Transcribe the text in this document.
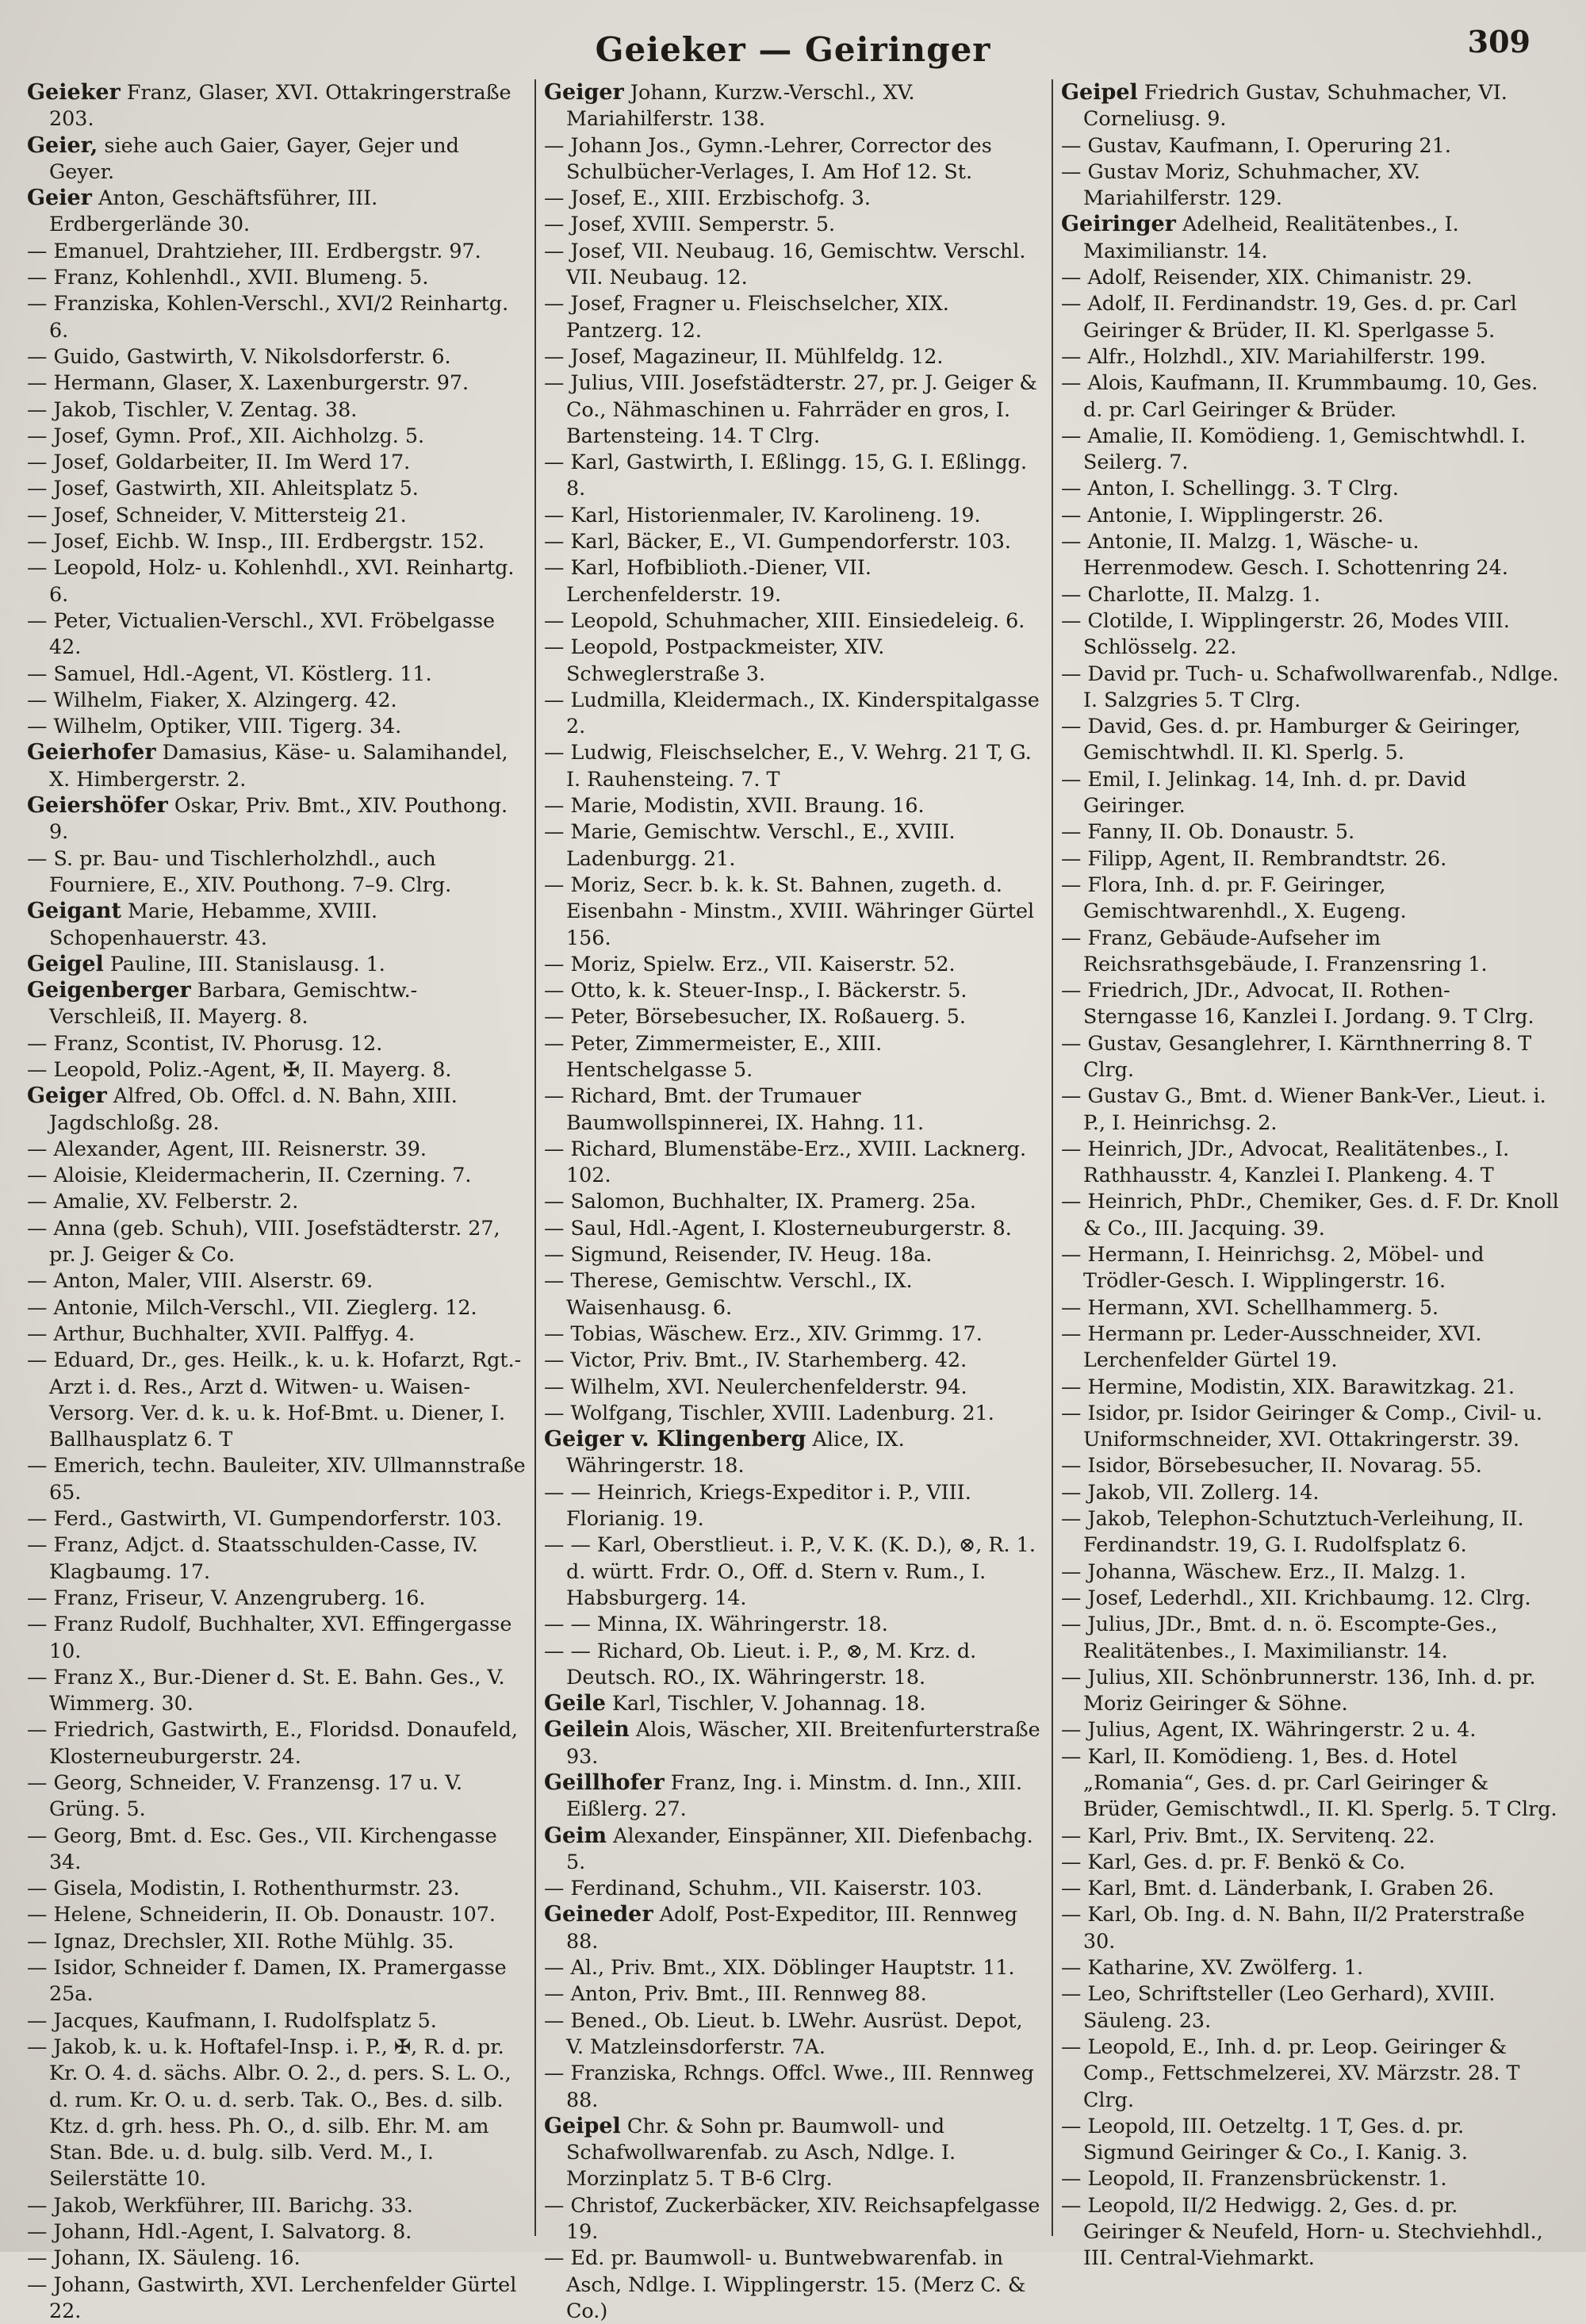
Geieker — Geiringer	309
Geieker Franz, Glaser, XVI. Ottakringerstraße 203.
Geier, siehe auch Gaier, Gayer, Gejer und Geyer.
Geier Anton, Geschäftsführer, III. Erdbergerlände 30.
— Emanuel, Drahtzieher, III. Erdbergstr. 97.
— Franz, Kohlenhdl., XVII. Blumeng. 5.
— Franziska, Kohlen-Verschl., XVI/2 Reinhartg. 6.
— Guido, Gastwirth, V. Nikolsdorferstr. 6.
— Hermann, Glaser, X. Laxenburgerstr. 97.
— Jakob, Tischler, V. Zentag. 38.
— Josef, Gymn. Prof., XII. Aichholzg. 5.
— Josef, Goldarbeiter, II. Im Werd 17.
— Josef, Gastwirth, XII. Ahleitsplatz 5.
— Josef, Schneider, V. Mittersteig 21.
— Josef, Eichb. W. Insp., III. Erdbergstr. 152.
— Leopold, Holz- u. Kohlenhdl., XVI. Reinhartg. 6.
— Peter, Victualien-Verschl., XVI. Fröbelgasse 42.
— Samuel, Hdl.-Agent, VI. Köstlerg. 11.
— Wilhelm, Fiaker, X. Alzingerg. 42.
— Wilhelm, Optiker, VIII. Tigerg. 34.
Geierhofer Damasius, Käse- u. Salamihandel, X. Himbergerstr. 2.
Geiershöfer Oskar, Priv. Bmt., XIV. Pouthong. 9.
— S. pr. Bau- und Tischlerholzhdl., auch Fourniere, E., XIV. Pouthong. 7–9. Clrg.
Geigant Marie, Hebamme, XVIII. Schopenhauerstr. 43.
Geigel Pauline, III. Stanislausg. 1.
Geigenberger Barbara, Gemischtw.-Verschleiß, II. Mayerg. 8.
— Franz, Scontist, IV. Phorusg. 12.
— Leopold, Poliz.-Agent, ✠, II. Mayerg. 8.
Geiger Alfred, Ob. Offcl. d. N. Bahn, XIII. Jagdschloßg. 28.
— Alexander, Agent, III. Reisnerstr. 39.
— Aloisie, Kleidermacherin, II. Czerning. 7.
— Amalie, XV. Felberstr. 2.
— Anna (geb. Schuh), VIII. Josefstädterstr. 27, pr. J. Geiger & Co.
— Anton, Maler, VIII. Alserstr. 69.
— Antonie, Milch-Verschl., VII. Zieglerg. 12.
— Arthur, Buchhalter, XVII. Palffyg. 4.
— Eduard, Dr., ges. Heilk., k. u. k. Hofarzt, Rgt.-Arzt i. d. Res., Arzt d. Witwen- u. Waisen-Versorg. Ver. d. k. u. k. Hof-Bmt. u. Diener, I. Ballhausplatz 6. T
— Emerich, techn. Bauleiter, XIV. Ullmannstraße 65.
— Ferd., Gastwirth, VI. Gumpendorferstr. 103.
— Franz, Adjct. d. Staatsschulden-Casse, IV. Klagbaumg. 17.
— Franz, Friseur, V. Anzengruberg. 16.
— Franz Rudolf, Buchhalter, XVI. Effingergasse 10.
— Franz X., Bur.-Diener d. St. E. Bahn. Ges., V. Wimmerg. 30.
— Friedrich, Gastwirth, E., Floridsd. Donaufeld, Klosterneuburgerstr. 24.
— Georg, Schneider, V. Franzensg. 17 u. V. Grüng. 5.
— Georg, Bmt. d. Esc. Ges., VII. Kirchengasse 34.
— Gisela, Modistin, I. Rothenthurmstr. 23.
— Helene, Schneiderin, II. Ob. Donaustr. 107.
— Ignaz, Drechsler, XII. Rothe Mühlg. 35.
— Isidor, Schneider f. Damen, IX. Pramergasse 25a.
— Jacques, Kaufmann, I. Rudolfsplatz 5.
— Jakob, k. u. k. Hoftafel-Insp. i. P., ✠, R. d. pr. Kr. O. 4. d. sächs. Albr. O. 2., d. pers. S. L. O., d. rum. Kr. O. u. d. serb. Tak. O., Bes. d. silb. Ktz. d. grh. hess. Ph. O., d. silb. Ehr. M. am Stan. Bde. u. d. bulg. silb. Verd. M., I. Seilerstätte 10.
— Jakob, Werkführer, III. Barichg. 33.
— Johann, Hdl.-Agent, I. Salvatorg. 8.
— Johann, IX. Säuleng. 16.
— Johann, Gastwirth, XVI. Lerchenfelder Gürtel 22.
Geiger Johann, Kurzw.-Verschl., XV. Mariahilferstr. 138.
— Johann Jos., Gymn.-Lehrer, Corrector des Schulbücher-Verlages, I. Am Hof 12. St.
— Josef, E., XIII. Erzbischofg. 3.
— Josef, XVIII. Semperstr. 5.
— Josef, VII. Neubaug. 16, Gemischtw. Verschl. VII. Neubaug. 12.
— Josef, Fragner u. Fleischselcher, XIX. Pantzerg. 12.
— Josef, Magazineur, II. Mühlfeldg. 12.
— Julius, VIII. Josefstädterstr. 27, pr. J. Geiger & Co., Nähmaschinen u. Fahrräder en gros, I. Bartensteing. 14. T Clrg.
— Karl, Gastwirth, I. Eßlingg. 15, G. I. Eßlingg. 8.
— Karl, Historienmaler, IV. Karolineng. 19.
— Karl, Bäcker, E., VI. Gumpendorferstr. 103.
— Karl, Hofbiblioth.-Diener, VII. Lerchenfelderstr. 19.
— Leopold, Schuhmacher, XIII. Einsiedeleig. 6.
— Leopold, Postpackmeister, XIV. Schweglerstraße 3.
— Ludmilla, Kleidermach., IX. Kinderspitalgasse 2.
— Ludwig, Fleischselcher, E., V. Wehrg. 21 T, G. I. Rauhensteing. 7. T
— Marie, Modistin, XVII. Braung. 16.
— Marie, Gemischtw. Verschl., E., XVIII. Ladenburgg. 21.
— Moriz, Secr. b. k. k. St. Bahnen, zugeth. d. Eisenbahn - Minstm., XVIII. Währinger Gürtel 156.
— Moriz, Spielw. Erz., VII. Kaiserstr. 52.
— Otto, k. k. Steuer-Insp., I. Bäckerstr. 5.
— Peter, Börsebesucher, IX. Roßauerg. 5.
— Peter, Zimmermeister, E., XIII. Hentschelgasse 5.
— Richard, Bmt. der Trumauer Baumwollspinnerei, IX. Hahng. 11.
— Richard, Blumenstäbe-Erz., XVIII. Lacknerg. 102.
— Salomon, Buchhalter, IX. Pramerg. 25a.
— Saul, Hdl.-Agent, I. Klosterneuburgerstr. 8.
— Sigmund, Reisender, IV. Heug. 18a.
— Therese, Gemischtw. Verschl., IX. Waisenhausg. 6.
— Tobias, Wäschew. Erz., XIV. Grimmg. 17.
— Victor, Priv. Bmt., IV. Starhemberg. 42.
— Wilhelm, XVI. Neulerchenfelderstr. 94.
— Wolfgang, Tischler, XVIII. Ladenburg. 21.
Geiger v. Klingenberg Alice, IX. Währingerstr. 18.
— — Heinrich, Kriegs-Expeditor i. P., VIII. Florianig. 19.
— — Karl, Oberstlieut. i. P., V. K. (K. D.), ⊗, R. 1. d. württ. Frdr. O., Off. d. Stern v. Rum., I. Habsburgerg. 14.
— — Minna, IX. Währingerstr. 18.
— — Richard, Ob. Lieut. i. P., ⊗, M. Krz. d. Deutsch. RO., IX. Währingerstr. 18.
Geile Karl, Tischler, V. Johannag. 18.
Geilein Alois, Wäscher, XII. Breitenfurterstraße 93.
Geillhofer Franz, Ing. i. Minstm. d. Inn., XIII. Eißlerg. 27.
Geim Alexander, Einspänner, XII. Diefenbachg. 5.
— Ferdinand, Schuhm., VII. Kaiserstr. 103.
Geineder Adolf, Post-Expeditor, III. Rennweg 88.
— Al., Priv. Bmt., XIX. Döblinger Hauptstr. 11.
— Anton, Priv. Bmt., III. Rennweg 88.
— Bened., Ob. Lieut. b. LWehr. Ausrüst. Depot, V. Matzleinsdorferstr. 7A.
— Franziska, Rchngs. Offcl. Wwe., III. Rennweg 88.
Geipel Chr. & Sohn pr. Baumwoll- und Schafwollwarenfab. zu Asch, Ndlge. I. Morzinplatz 5. T B-6 Clrg.
— Christof, Zuckerbäcker, XIV. Reichsapfelgasse 19.
— Ed. pr. Baumwoll- u. Buntwebwarenfab. in Asch, Ndlge. I. Wipplingerstr. 15. (Merz C. & Co.)
Geipel Friedrich Gustav, Schuhmacher, VI. Corneliusg. 9.
— Gustav, Kaufmann, I. Operuring 21.
— Gustav Moriz, Schuhmacher, XV. Mariahilferstr. 129.
Geiringer Adelheid, Realitätenbes., I. Maximilianstr. 14.
— Adolf, Reisender, XIX. Chimanistr. 29.
— Adolf, II. Ferdinandstr. 19, Ges. d. pr. Carl Geiringer & Brüder, II. Kl. Sperlgasse 5.
— Alfr., Holzhdl., XIV. Mariahilferstr. 199.
— Alois, Kaufmann, II. Krummbaumg. 10, Ges. d. pr. Carl Geiringer & Brüder.
— Amalie, II. Komödieng. 1, Gemischtwhdl. I. Seilerg. 7.
— Anton, I. Schellingg. 3. T Clrg.
— Antonie, I. Wipplingerstr. 26.
— Antonie, II. Malzg. 1, Wäsche- u. Herrenmodew. Gesch. I. Schottenring 24.
— Charlotte, II. Malzg. 1.
— Clotilde, I. Wipplingerstr. 26, Modes VIII. Schlösselg. 22.
— David pr. Tuch- u. Schafwollwarenfab., Ndlge. I. Salzgries 5. T Clrg.
— David, Ges. d. pr. Hamburger & Geiringer, Gemischtwhdl. II. Kl. Sperlg. 5.
— Emil, I. Jelinkag. 14, Inh. d. pr. David Geiringer.
— Fanny, II. Ob. Donaustr. 5.
— Filipp, Agent, II. Rembrandtstr. 26.
— Flora, Inh. d. pr. F. Geiringer, Gemischtwarenhdl., X. Eugeng.
— Franz, Gebäude-Aufseher im Reichsrathsgebäude, I. Franzensring 1.
— Friedrich, JDr., Advocat, II. Rothen-Sterngasse 16, Kanzlei I. Jordang. 9. T Clrg.
— Gustav, Gesanglehrer, I. Kärnthnerring 8. T Clrg.
— Gustav G., Bmt. d. Wiener Bank-Ver., Lieut. i. P., I. Heinrichsg. 2.
— Heinrich, JDr., Advocat, Realitätenbes., I. Rathhausstr. 4, Kanzlei I. Plankeng. 4. T
— Heinrich, PhDr., Chemiker, Ges. d. F. Dr. Knoll & Co., III. Jacquing. 39.
— Hermann, I. Heinrichsg. 2, Möbel- und Trödler-Gesch. I. Wipplingerstr. 16.
— Hermann, XVI. Schellhammerg. 5.
— Hermann pr. Leder-Ausschneider, XVI. Lerchenfelder Gürtel 19.
— Hermine, Modistin, XIX. Barawitzkag. 21.
— Isidor, pr. Isidor Geiringer & Comp., Civil- u. Uniformschneider, XVI. Ottakringerstr. 39.
— Isidor, Börsebesucher, II. Novarag. 55.
— Jakob, VII. Zollerg. 14.
— Jakob, Telephon-Schutztuch-Verleihung, II. Ferdinandstr. 19, G. I. Rudolfsplatz 6.
— Johanna, Wäschew. Erz., II. Malzg. 1.
— Josef, Lederhdl., XII. Krichbaumg. 12. Clrg.
— Julius, JDr., Bmt. d. n. ö. Escompte-Ges., Realitätenbes., I. Maximilianstr. 14.
— Julius, XII. Schönbrunnerstr. 136, Inh. d. pr. Moriz Geiringer & Söhne.
— Julius, Agent, IX. Währingerstr. 2 u. 4.
— Karl, II. Komödieng. 1, Bes. d. Hotel „Romania“, Ges. d. pr. Carl Geiringer & Brüder, Gemischtwdl., II. Kl. Sperlg. 5. T Clrg.
— Karl, Priv. Bmt., IX. Servitenq. 22.
— Karl, Ges. d. pr. F. Benkö & Co.
— Karl, Bmt. d. Länderbank, I. Graben 26.
— Karl, Ob. Ing. d. N. Bahn, II/2 Praterstraße 30.
— Katharine, XV. Zwölferg. 1.
— Leo, Schriftsteller (Leo Gerhard), XVIII. Säuleng. 23.
— Leopold, E., Inh. d. pr. Leop. Geiringer & Comp., Fettschmelzerei, XV. Märzstr. 28. T Clrg.
— Leopold, III. Oetzeltg. 1 T, Ges. d. pr. Sigmund Geiringer & Co., I. Kanig. 3.
— Leopold, II. Franzensbrückenstr. 1.
— Leopold, II/2 Hedwigg. 2, Ges. d. pr. Geiringer & Neufeld, Horn- u. Stechviehhdl., III. Central-Viehmarkt.
